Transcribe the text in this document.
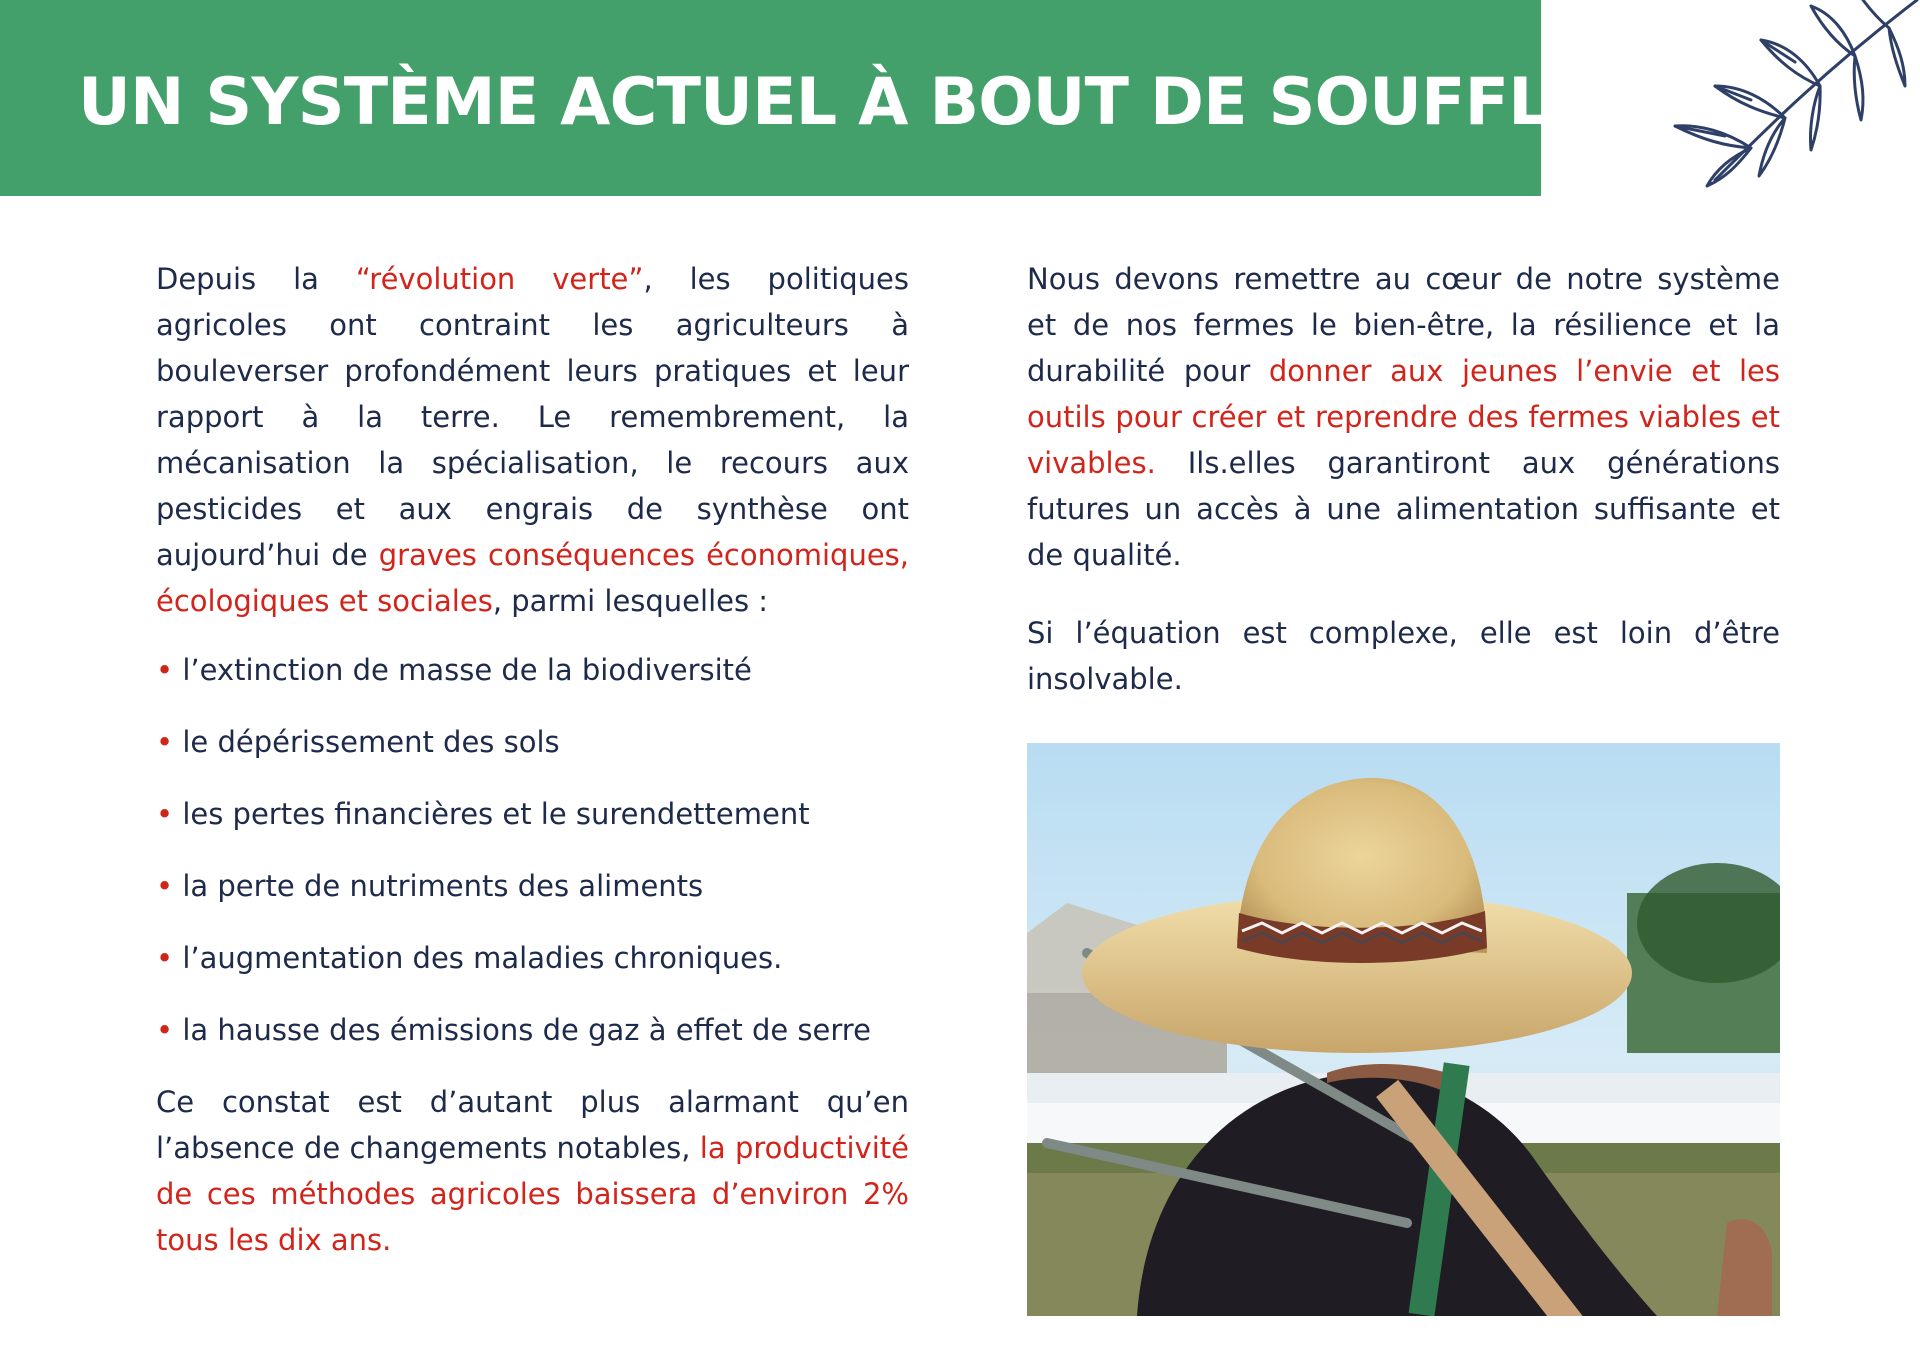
UN SYSTÈME ACTUEL À BOUT DE SOUFFLE

Depuis la “révolution verte”, les politiques agricoles ont contraint les agriculteurs à bouleverser profondément leurs pratiques et leur rapport à la terre. Le remembrement, la mécanisation la spécialisation, le recours aux pesticides et aux engrais de synthèse ont aujourd’hui de graves conséquences économiques, écologiques et sociales, parmi lesquelles :

• l’extinction de masse de la biodiversité
• le dépérissement des sols
• les pertes financières et le surendettement
• la perte de nutriments des aliments
• l’augmentation des maladies chroniques.
• la hausse des émissions de gaz à effet de serre

Ce constat est d’autant plus alarmant qu’en l’absence de changements notables, la productivité de ces méthodes agricoles baissera d’environ 2% tous les dix ans.

Nous devons remettre au cœur de notre système et de nos fermes le bien-être, la résilience et la durabilité pour donner aux jeunes l’envie et les outils pour créer et reprendre des fermes viables et vivables. Ils.elles garantiront aux générations futures un accès à une alimentation suffisante et de qualité.

Si l’équation est complexe, elle est loin d’être insolvable.
